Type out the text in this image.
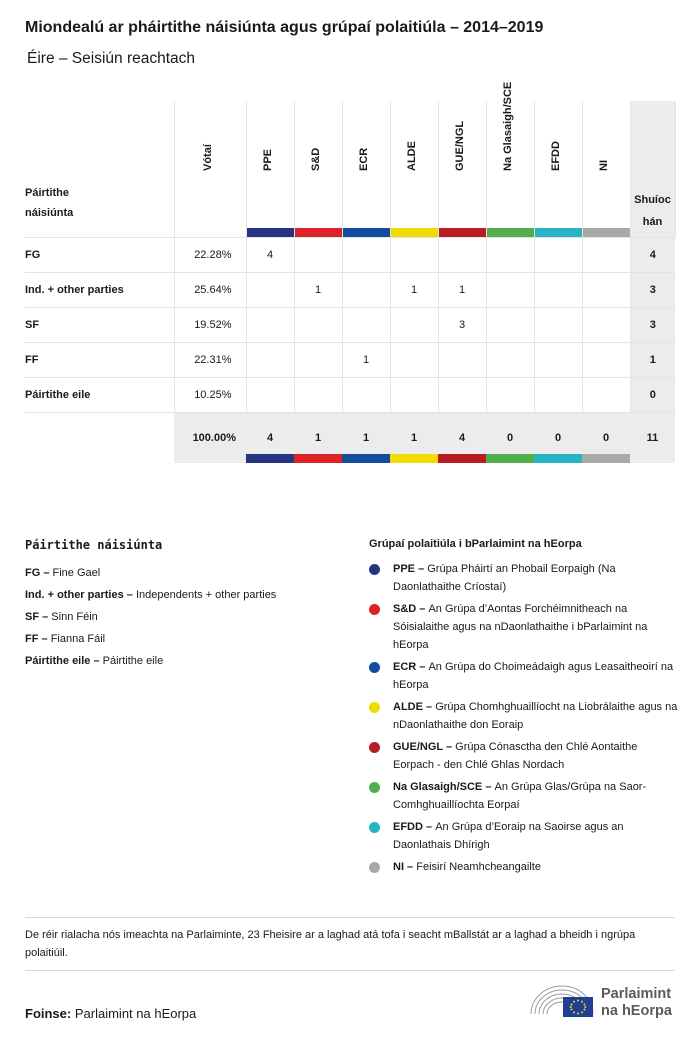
Miondealú ar pháirtithe náisiúnta agus grúpaí polaitiúla – 2014–2019
Éire – Seisiún reachtach
Páirtithe
náisiúnta	Vótaí	PPE	S&D	ECR	ALDE	GUE/NGL	Na Glasaigh/SCE	EFDD	NI	Shuíoc
hán
FG	22.28%	4								4
Ind. + other parties	25.64%		1		1	1				3
SF	19.52%					3				3
FF	22.31%			1						1
Páirtithe eile	10.25%									0
	100.00%	4	1	1	1	4	0	0	0	11
Páirtithe náisiúnta
FG – Fine Gael
Ind. + other parties – Independents + other parties
SF – Sinn Féin
FF – Fianna Fáil
Páirtithe eile – Páirtithe eile
Grúpaí polaitiúla i bParlaimint na hEorpa
PPE – Grúpa Pháirtí an Phobail Eorpaigh (Na Daonlathaithe Críostaí)
S&D – An Grúpa d’Aontas Forchéimnitheach na Sóisialaithe agus na nDaonlathaithe i bParlaimint na hEorpa
ECR – An Grúpa do Choimeádaigh agus Leasaitheoirí na hEorpa
ALDE – Grúpa Chomhghuaillíocht na Liobrálaithe agus na nDaonlathaithe don Eoraip
GUE/NGL – Grúpa Cónasctha den Chlé Aontaithe Eorpach - den Chlé Ghlas Nordach
Na Glasaigh/SCE – An Grúpa Glas/Grúpa na Saor-Comhghuaillíochta Eorpaí
EFDD – An Grúpa d’Eoraip na Saoirse agus an Daonlathais Dhírigh
NI – Feisirí Neamhcheangailte
De réir rialacha nós imeachta na Parlaiminte, 23 Fheisire ar a laghad atá tofa i seacht mBallstát ar a laghad a bheidh i ngrúpa polaitiúil.
Foinse: Parlaimint na hEorpa
Parlaimint
na hEorpa
